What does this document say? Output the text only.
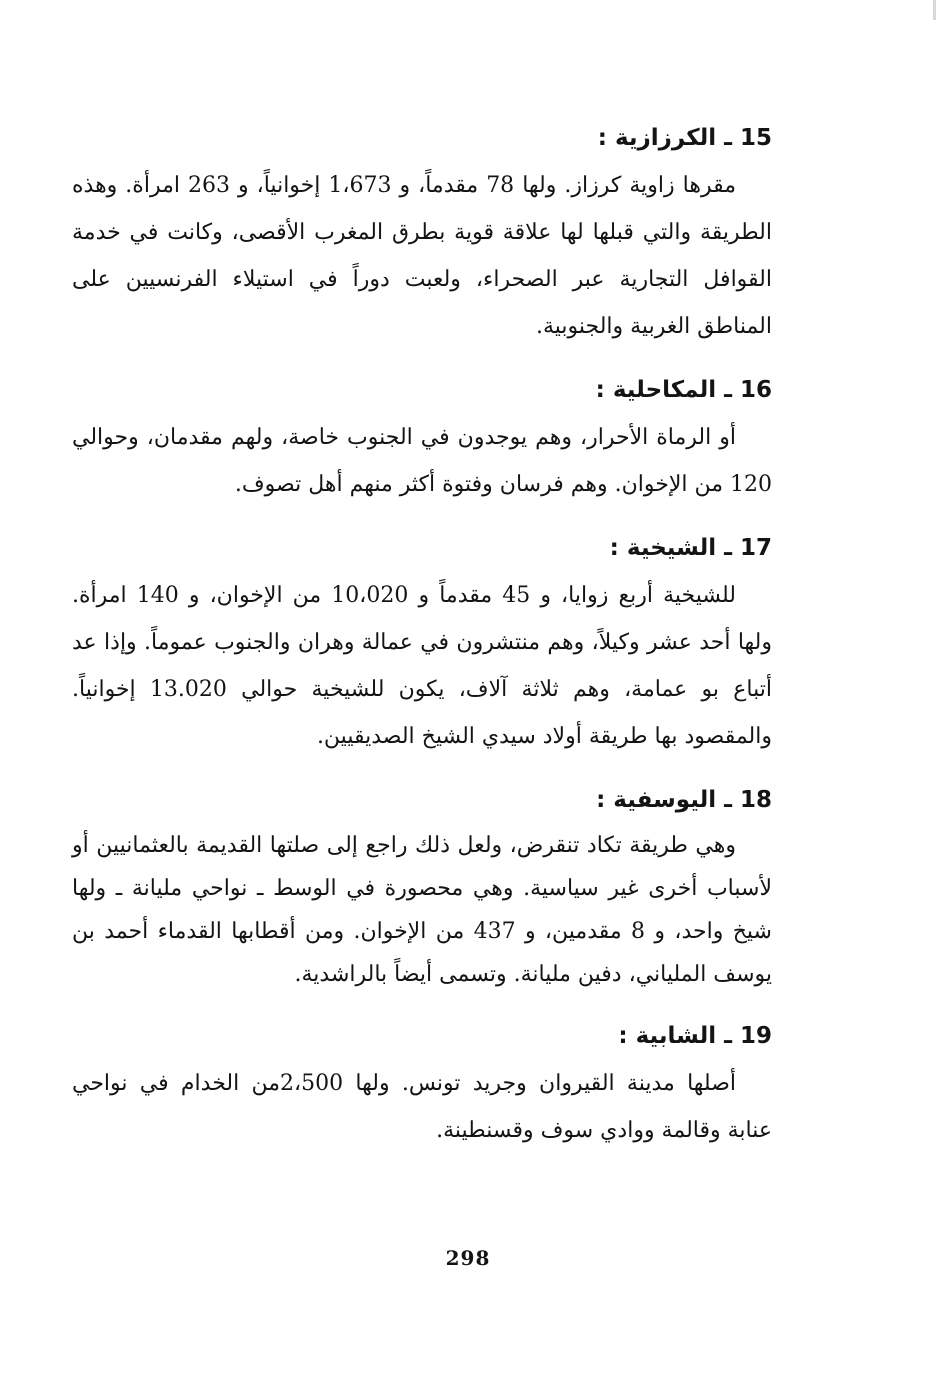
15 ـ الكرزازية :

مقرها زاوية كرزاز. ولها 78 مقدماً، و 1،673 إخوانياً، و 263 امرأة. وهذه الطريقة والتي قبلها لها علاقة قوية بطرق المغرب الأقصى، وكانت في خدمة القوافل التجارية عبر الصحراء، ولعبت دوراً في استيلاء الفرنسيين على المناطق الغربية والجنوبية.

16 ـ المكاحلية :

أو الرماة الأحرار، وهم يوجدون في الجنوب خاصة، ولهم مقدمان، وحوالي 120 من الإخوان. وهم فرسان وفتوة أكثر منهم أهل تصوف.

17 ـ الشيخية :

للشيخية أربع زوايا، و 45 مقدماً و 10،020 من الإخوان، و 140 امرأة. ولها أحد عشر وكيلاً، وهم منتشرون في عمالة وهران والجنوب عموماً. وإذا عد أتباع بو عمامة، وهم ثلاثة آلاف، يكون للشيخية حوالي 13.020 إخوانياً. والمقصود بها طريقة أولاد سيدي الشيخ الصديقيين.

18 ـ اليوسفية :

وهي طريقة تكاد تنقرض، ولعل ذلك راجع إلى صلتها القديمة بالعثمانيين أو لأسباب أخرى غير سياسية. وهي محصورة في الوسط ـ نواحي مليانة ـ ولها شيخ واحد، و 8 مقدمين، و 437 من الإخوان. ومن أقطابها القدماء أحمد بن يوسف الملياني، دفين مليانة. وتسمى أيضاً بالراشدية.

19 ـ الشابية :

أصلها مدينة القيروان وجريد تونس. ولها 2،500من الخدام في نواحي عنابة وقالمة ووادي سوف وقسنطينة.

298
